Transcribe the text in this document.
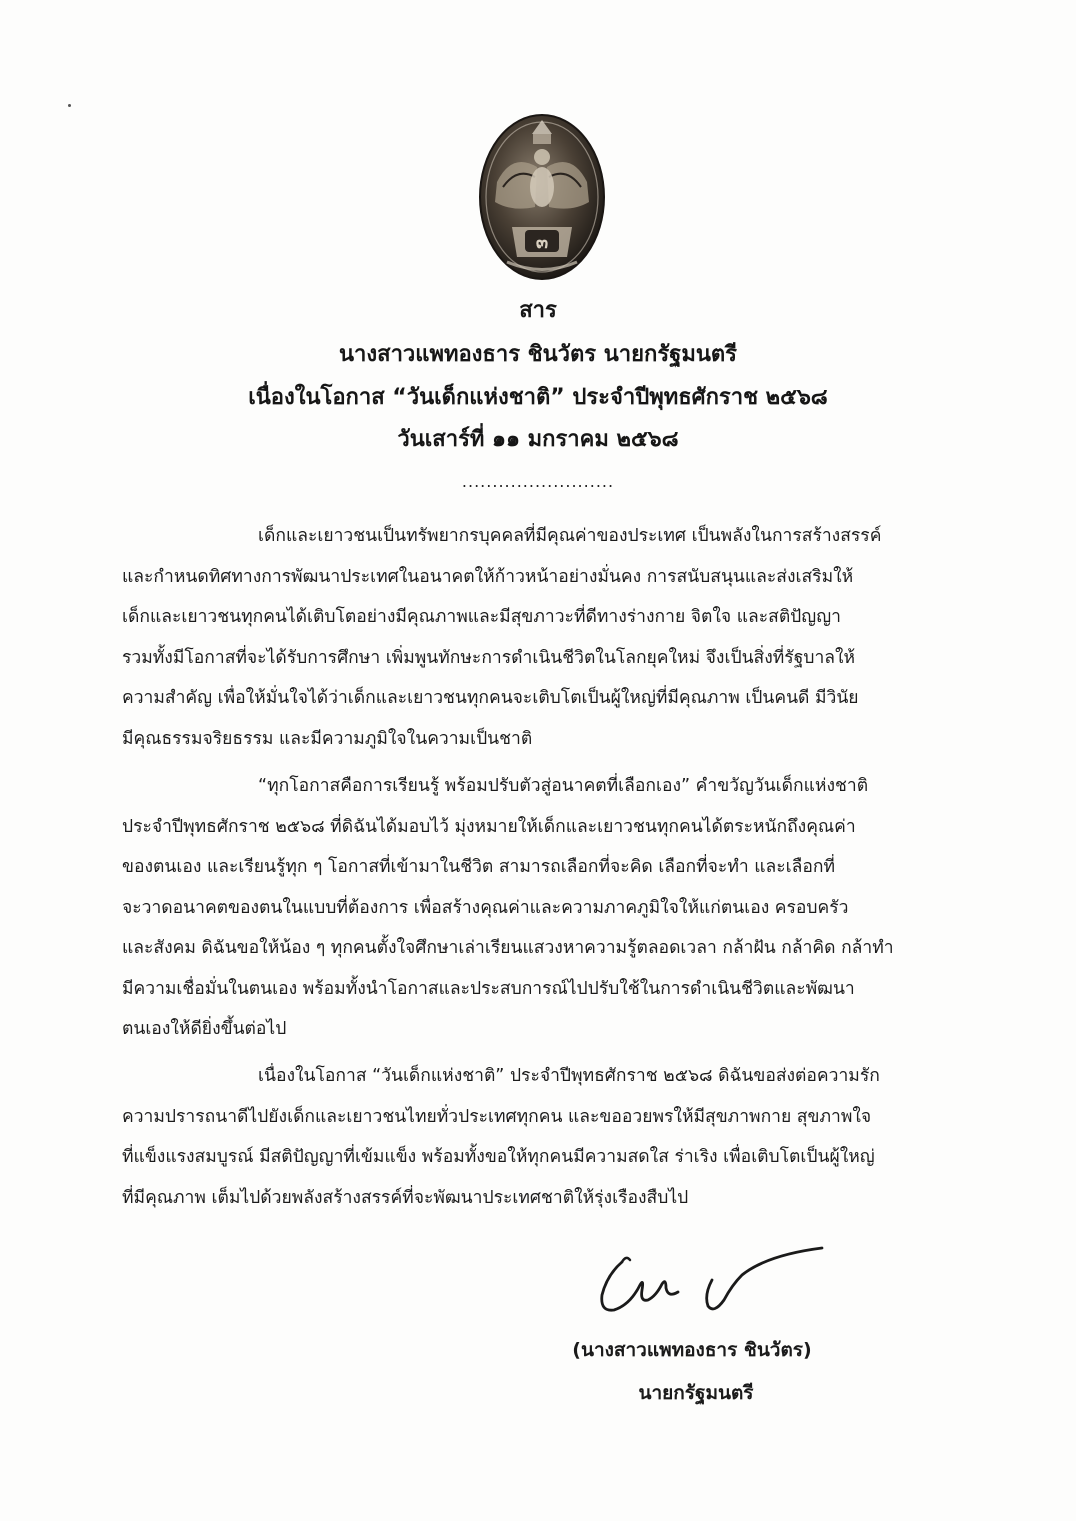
๓
สาร
นางสาวแพทองธาร ชินวัตร นายกรัฐมนตรี
เนื่องในโอกาส “วันเด็กแห่งชาติ” ประจำปีพุทธศักราช ๒๕๖๘
วันเสาร์ที่ ๑๑ มกราคม ๒๕๖๘
.........................
เด็กและเยาวชนเป็นทรัพยากรบุคคลที่มีคุณค่าของประเทศ เป็นพลังในการสร้างสรรค์
และกำหนดทิศทางการพัฒนาประเทศในอนาคตให้ก้าวหน้าอย่างมั่นคง การสนับสนุนและส่งเสริมให้
เด็กและเยาวชนทุกคนได้เติบโตอย่างมีคุณภาพและมีสุขภาวะที่ดีทางร่างกาย จิตใจ และสติปัญญา
รวมทั้งมีโอกาสที่จะได้รับการศึกษา เพิ่มพูนทักษะการดำเนินชีวิตในโลกยุคใหม่ จึงเป็นสิ่งที่รัฐบาลให้
ความสำคัญ เพื่อให้มั่นใจได้ว่าเด็กและเยาวชนทุกคนจะเติบโตเป็นผู้ใหญ่ที่มีคุณภาพ เป็นคนดี มีวินัย
มีคุณธรรมจริยธรรม และมีความภูมิใจในความเป็นชาติ
“ทุกโอกาสคือการเรียนรู้ พร้อมปรับตัวสู่อนาคตที่เลือกเอง” คำขวัญวันเด็กแห่งชาติ
ประจำปีพุทธศักราช ๒๕๖๘ ที่ดิฉันได้มอบไว้ มุ่งหมายให้เด็กและเยาวชนทุกคนได้ตระหนักถึงคุณค่า
ของตนเอง และเรียนรู้ทุก ๆ โอกาสที่เข้ามาในชีวิต สามารถเลือกที่จะคิด เลือกที่จะทำ และเลือกที่
จะวาดอนาคตของตนในแบบที่ต้องการ เพื่อสร้างคุณค่าและความภาคภูมิใจให้แก่ตนเอง ครอบครัว
และสังคม ดิฉันขอให้น้อง ๆ ทุกคนตั้งใจศึกษาเล่าเรียนแสวงหาความรู้ตลอดเวลา กล้าฝัน กล้าคิด กล้าทำ
มีความเชื่อมั่นในตนเอง พร้อมทั้งนำโอกาสและประสบการณ์ไปปรับใช้ในการดำเนินชีวิตและพัฒนา
ตนเองให้ดียิ่งขึ้นต่อไป
เนื่องในโอกาส “วันเด็กแห่งชาติ” ประจำปีพุทธศักราช ๒๕๖๘ ดิฉันขอส่งต่อความรัก
ความปรารถนาดีไปยังเด็กและเยาวชนไทยทั่วประเทศทุกคน และขออวยพรให้มีสุขภาพกาย สุขภาพใจ
ที่แข็งแรงสมบูรณ์ มีสติปัญญาที่เข้มแข็ง พร้อมทั้งขอให้ทุกคนมีความสดใส ร่าเริง เพื่อเติบโตเป็นผู้ใหญ่
ที่มีคุณภาพ เต็มไปด้วยพลังสร้างสรรค์ที่จะพัฒนาประเทศชาติให้รุ่งเรืองสืบไป
(นางสาวแพทองธาร ชินวัตร)
นายกรัฐมนตรี
